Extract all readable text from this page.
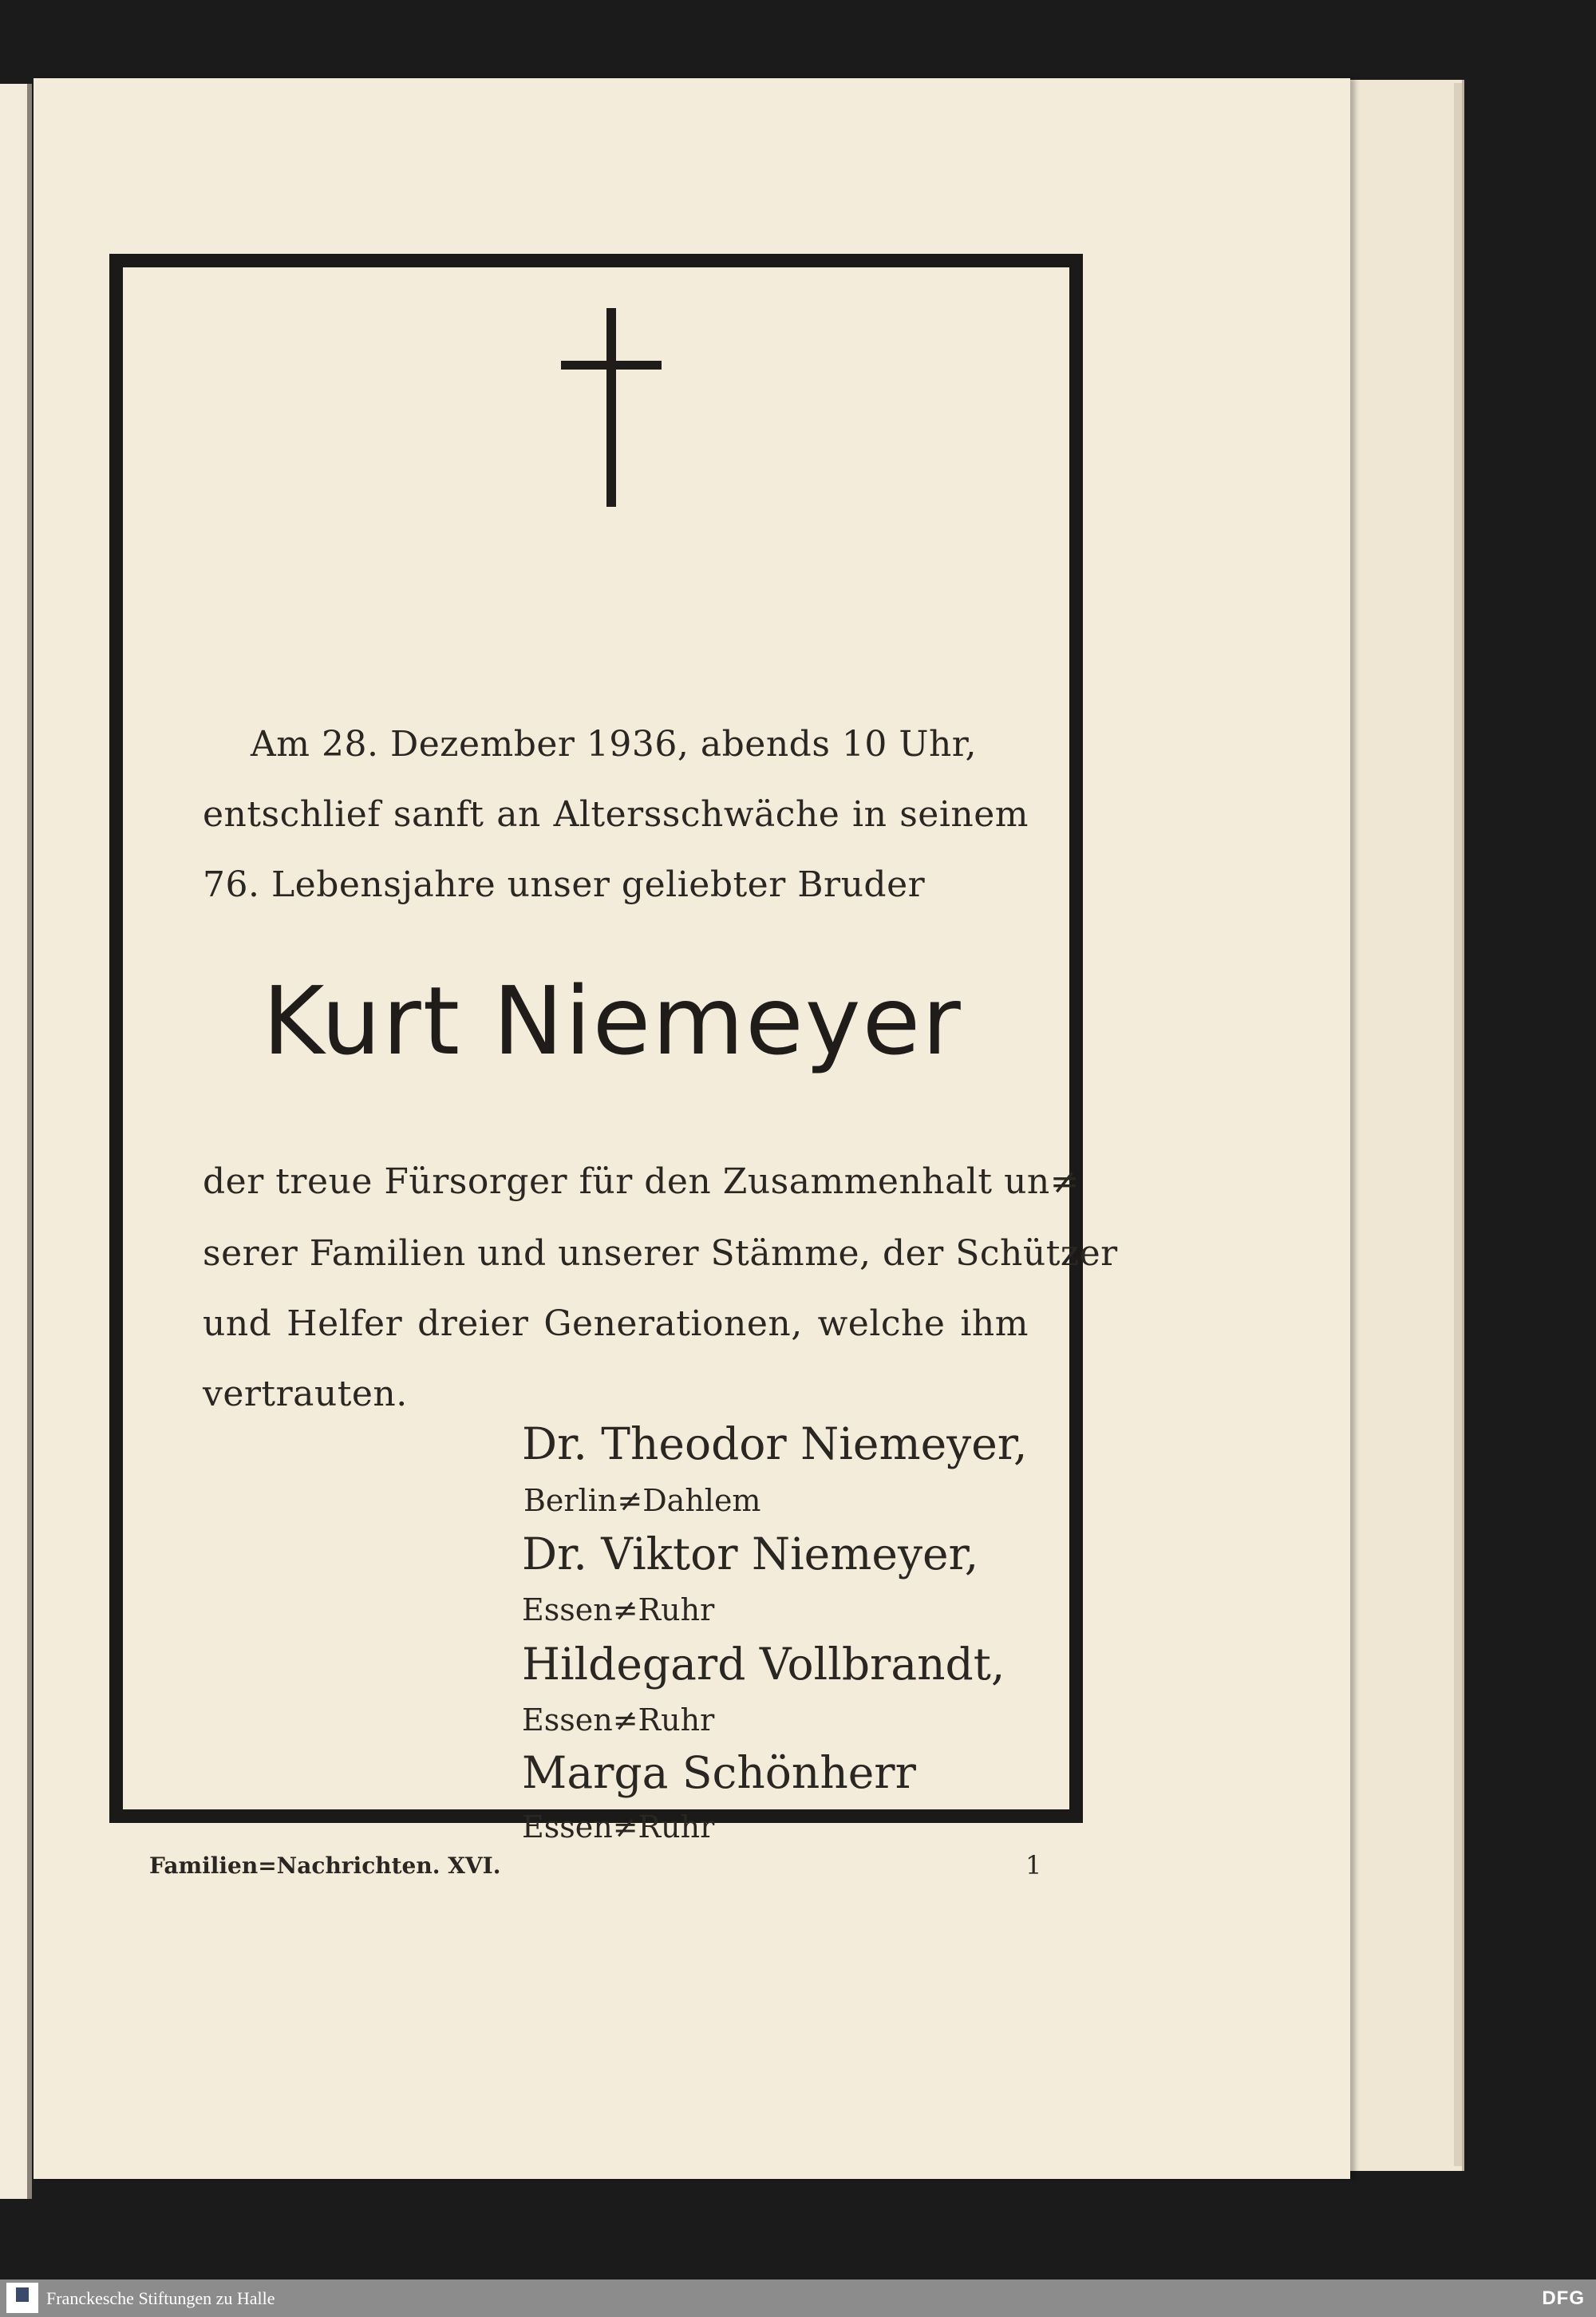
Am 28. Dezember 1936, abends 10 Uhr,
entschlief sanft an Altersschwäche in seinem
76. Lebensjahre unser geliebter Bruder
Kurt Niemeyer
der treue Fürsorger für den Zusammenhalt un≠
serer Familien und unserer Stämme, der Schützer
und Helfer dreier Generationen, welche ihm
vertrauten.
Dr. Theodor Niemeyer,
Berlin≠Dahlem
Dr. Viktor Niemeyer,
Essen≠Ruhr
Hildegard Vollbrandt,
Essen≠Ruhr
Marga Schönherr
Essen≠Ruhr
Familien=Nachrichten. XVI.	1
Franckesche Stiftungen zu Halle	DFG
